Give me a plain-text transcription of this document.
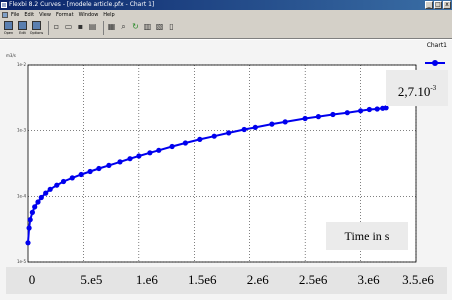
Flexbi 8.2 Curves - [modele article.pfx - Chart 1]	_ □ x
File Edit View Format Window Help
Open Edit Options
▫ ▭ ▪ ▤ ▦ ⌕ ↻ ▥ ▧ ▯
Chart1
1e-2
1e-3
1e-4
1e-5
m3/s
0	5.e5	1.e6	1.5e6	2.e6	2.5e6	3.e6	3.5.e6
$2,7.10^{-3}$
Time in s
